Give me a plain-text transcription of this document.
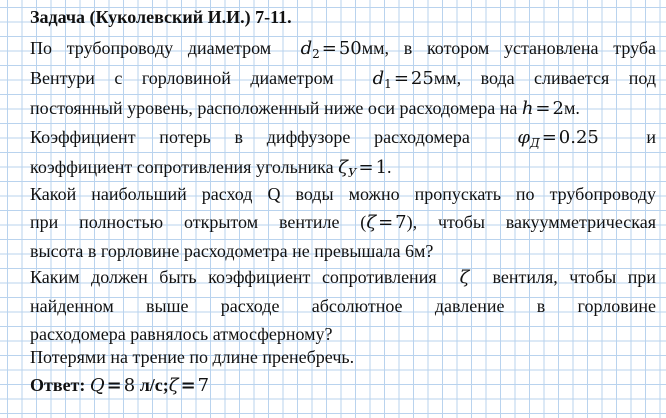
Задача (Куколевский И.И.) 7-11.
По трубопроводу диаметром $d_2 = 50мм$, в котором установлена труба
Вентури с горловиной диаметром $d_1 = 25мм$, вода сливается под
постоянный уровень, расположенный ниже оси расходомера на h = 2м.
Коэффициент потерь в диффузоре расходомера	$\varphi_Д = 0.25$	и
коэффициент сопротивления угольника $\zeta_У = 1$.
Какой наибольший расход Q воды можно пропускать по трубопроводу
при полностью открытом вентиле (ζ = 7), чтобы вакуумметрическая
высота в горловине расходометра не превышала 6м?
Каким должен быть коэффициент сопротивления ζ вентиля, чтобы при
найденном выше расходе абсолютное давление в горловине
расходомера равнялось атмосферному?
Потерями на трение по длине пренебречь.

Ответ: Q = 8 л/с;ζ = 7
